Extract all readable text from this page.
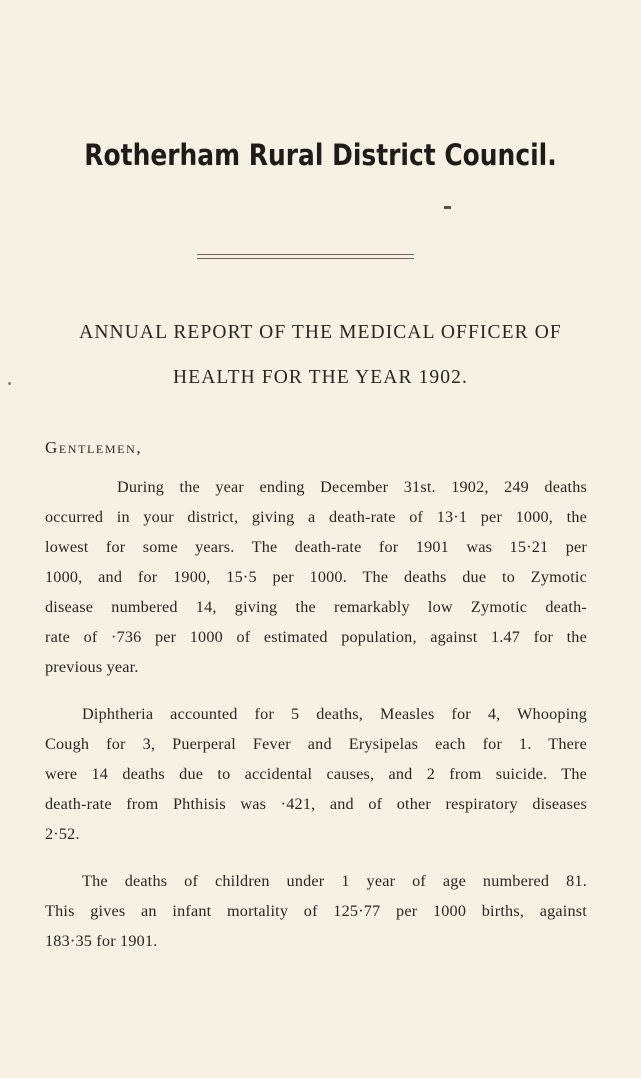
Rotherham Rural District Council.
ANNUAL REPORT OF THE MEDICAL OFFICER OF
HEALTH FOR THE YEAR 1902.
Gentlemen,
During the year ending December 31st. 1902, 249 deaths
occurred in your district, giving a death-rate of 13·1 per 1000, the
lowest for some years. The death-rate for 1901 was 15·21 per
1000, and for 1900, 15·5 per 1000. The deaths due to Zymotic
disease numbered 14, giving the remarkably low Zymotic death-
rate of ·736 per 1000 of estimated population, against 1.47 for the
previous year.
Diphtheria accounted for 5 deaths, Measles for 4, Whooping
Cough for 3, Puerperal Fever and Erysipelas each for 1. There
were 14 deaths due to accidental causes, and 2 from suicide. The
death-rate from Phthisis was ·421, and of other respiratory diseases
2·52.
The deaths of children under 1 year of age numbered 81.
This gives an infant mortality of 125·77 per 1000 births, against
183·35 for 1901.
